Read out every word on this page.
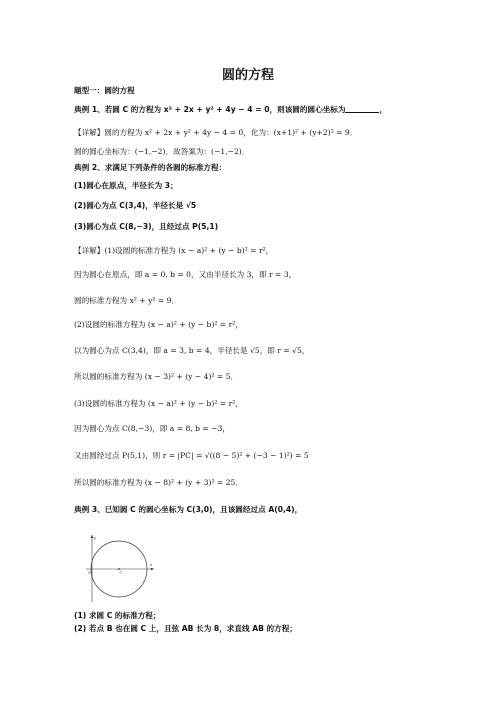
圆的方程
题型一：圆的方程
典例 1、若圆 C 的方程为 x² + 2x + y² + 4y − 4 = 0，则该圆的圆心坐标为	，
【详解】圆的方程为 x² + 2x + y² + 4y − 4 = 0，化为：(x+1)² + (y+2)² = 9．
圆的圆心坐标为：(−1,−2)．故答案为：(−1,−2)．
典例 2、求满足下列条件的各圆的标准方程：
(1)圆心在原点，半径长为 3；
(2)圆心为点 C(3,4)，半径长是 √5
(3)圆心为点 C(8,−3)，且经过点 P(5,1)
【详解】(1)设圆的标准方程为 (x − a)² + (y − b)² = r²，
因为圆心在原点，即 a = 0, b = 0，又由半径长为 3，即 r = 3，
圆的标准方程为 x² + y² = 9．
(2)设圆的标准方程为 (x − a)² + (y − b)² = r²，
以为圆心为点 C(3,4)，即 a = 3, b = 4，半径长是 √5，即 r = √5，
所以圆的标准方程为 (x − 3)² + (y − 4)² = 5．
(3)设圆的标准方程为 (x − a)² + (y − b)² = r²，
因为圆心为点 C(8,−3)，即 a = 8, b = −3，
又由圆经过点 P(5,1)，则 r = |PC| = √((8 − 5)² + (−3 − 1)²) = 5
所以圆的标准方程为 (x − 8)² + (y + 3)² = 25．
典例 3、已知圆 C 的圆心坐标为 C(3,0)，且该圆经过点 A(0,4)，
y
x
O	C
(1) 求圆 C 的标准方程；
(2) 若点 B 也在圆 C 上，且弦 AB 长为 8，求直线 AB 的方程；
